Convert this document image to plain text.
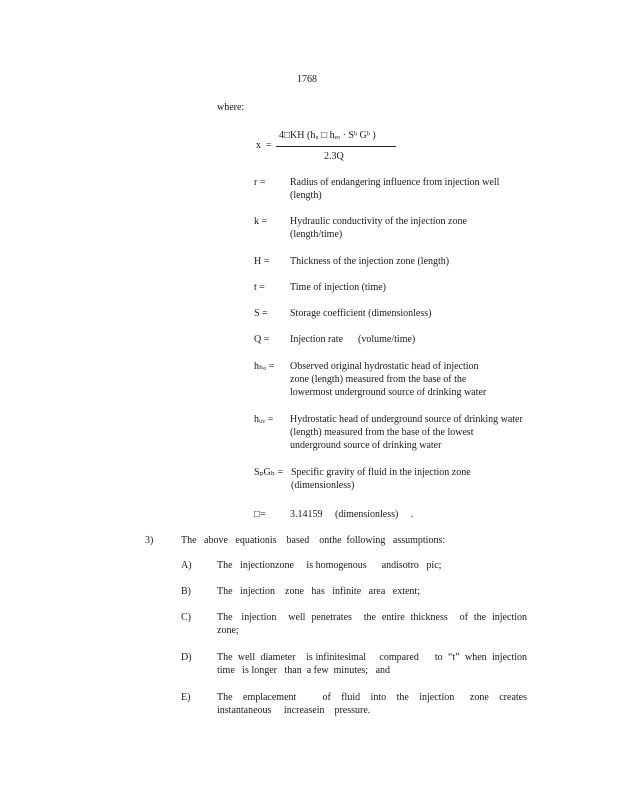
1768
where:
x =
4□KH (hᵤ □ hₑₒ · Sᵇ Gᵇ )
2.3Q
r = Radius of endangering influence from injection well (length)
k = Hydraulic conductivity of the injection zone (length/time)
H = Thickness of the injection zone (length)
t =	Time of injection (time)
S = Storage coefficient (dimensionless)
Q = Injection rate      (volume/time)
hₕₒ = Observed original hydrostatic head of injection zone (length) measured from the base of the lowermost underground source of drinking water
hᵤᵥ = Hydrostatic head of underground source of drinking water (length) measured from the base of the lowest underground source of drinking water
SₚGₕ = Specific gravity of fluid in the injection zone (dimensionless)
□= 3.14159     (dimensionless)     .
3)	The   above   equationis    based    onthe  following   assumptions:
A)	The   injectionzone     is homogenous      andisotro   pic;
B)	The   injection    zone   has   infinite   area   extent;
C)	The   injection    well  penetrates    the  entire  thickness    of  the  injection zone;
D)	The  well  diameter    is infinitesimal     compared      to  “t”  when  injection time   is longer   than  a few  minutes;   and
E)	The  emplacement     of  fluid  into  the  injection   zone  creates instantaneous     increasein    pressure.
